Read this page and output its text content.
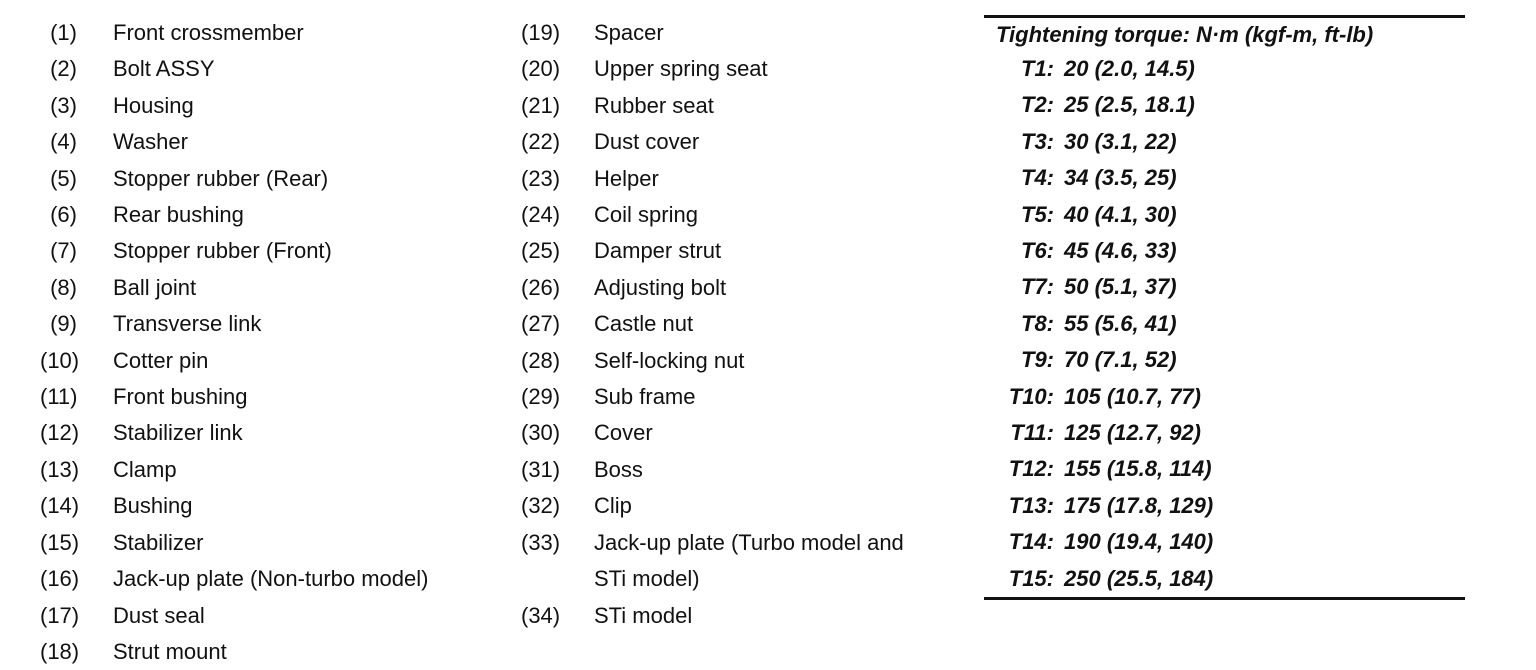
(1)	Front crossmember
(2)	Bolt ASSY
(3)	Housing
(4)	Washer
(5)	Stopper rubber (Rear)
(6)	Rear bushing
(7)	Stopper rubber (Front)
(8)	Ball joint
(9)	Transverse link
(10)	Cotter pin
(11)	Front bushing
(12)	Stabilizer link
(13)	Clamp
(14)	Bushing
(15)	Stabilizer
(16)	Jack-up plate (Non-turbo model)
(17)	Dust seal
(18)	Strut mount
(19)	Spacer
(20)	Upper spring seat
(21)	Rubber seat
(22)	Dust cover
(23)	Helper
(24)	Coil spring
(25)	Damper strut
(26)	Adjusting bolt
(27)	Castle nut
(28)	Self-locking nut
(29)	Sub frame
(30)	Cover
(31)	Boss
(32)	Clip
(33)	Jack-up plate (Turbo model and
STi model)
(34)	STi model
Tightening torque: N·m (kgf-m, ft-lb)
T1: 20 (2.0, 14.5)
T2: 25 (2.5, 18.1)
T3: 30 (3.1, 22)
T4: 34 (3.5, 25)
T5: 40 (4.1, 30)
T6: 45 (4.6, 33)
T7: 50 (5.1, 37)
T8: 55 (5.6, 41)
T9: 70 (7.1, 52)
T10: 105 (10.7, 77)
T11: 125 (12.7, 92)
T12: 155 (15.8, 114)
T13: 175 (17.8, 129)
T14: 190 (19.4, 140)
T15: 250 (25.5, 184)
